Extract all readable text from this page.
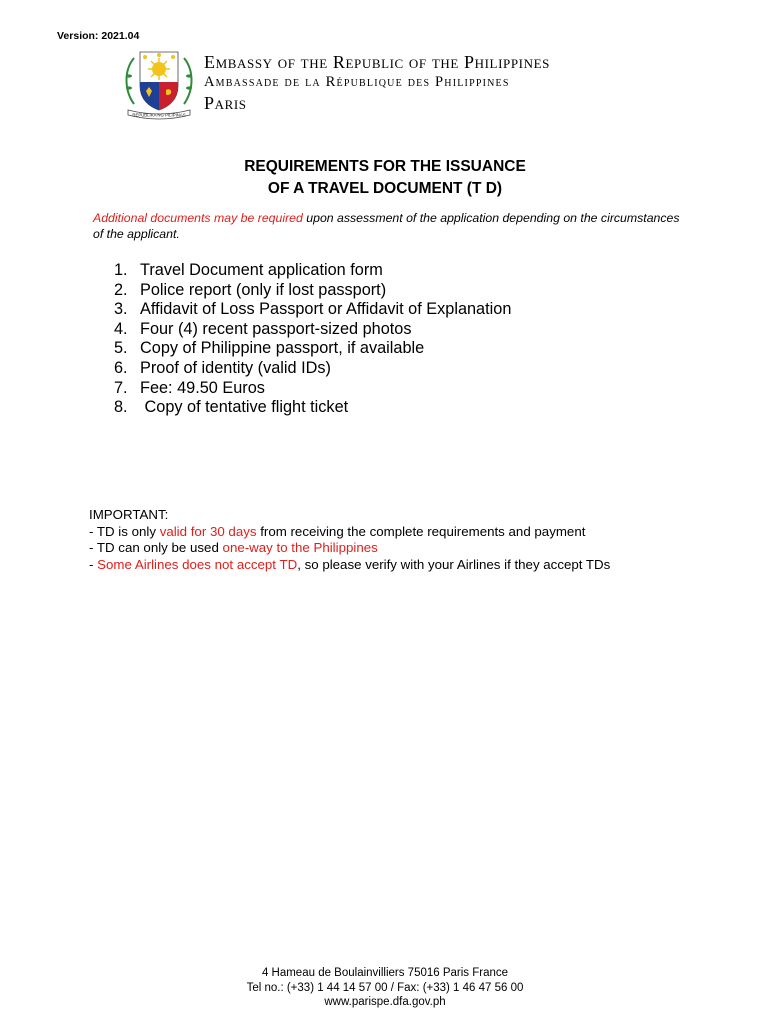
Version: 2021.04
REPUBLIKA NG PILIPINAS
Embassy of the Republic of the Philippines
Ambassade de la République des Philippines
Paris
REQUIREMENTS FOR THE ISSUANCE
OF A TRAVEL DOCUMENT (T D)
Additional documents may be required upon assessment of the application depending on the circumstances of the applicant.
1. Travel Document application form
2. Police report (only if lost passport)
3. Affidavit of Loss Passport or Affidavit of Explanation
4. Four (4) recent passport-sized photos
5. Copy of Philippine passport, if available
6. Proof of identity (valid IDs)
7. Fee: 49.50 Euros
8. Copy of tentative flight ticket
IMPORTANT:
- TD is only valid for 30 days from receiving the complete requirements and payment
- TD can only be used one-way to the Philippines
- Some Airlines does not accept TD, so please verify with your Airlines if they accept TDs
4 Hameau de Boulainvilliers 75016 Paris France
Tel no.: (+33) 1 44 14 57 00 / Fax: (+33) 1 46 47 56 00
www.parispe.dfa.gov.ph
